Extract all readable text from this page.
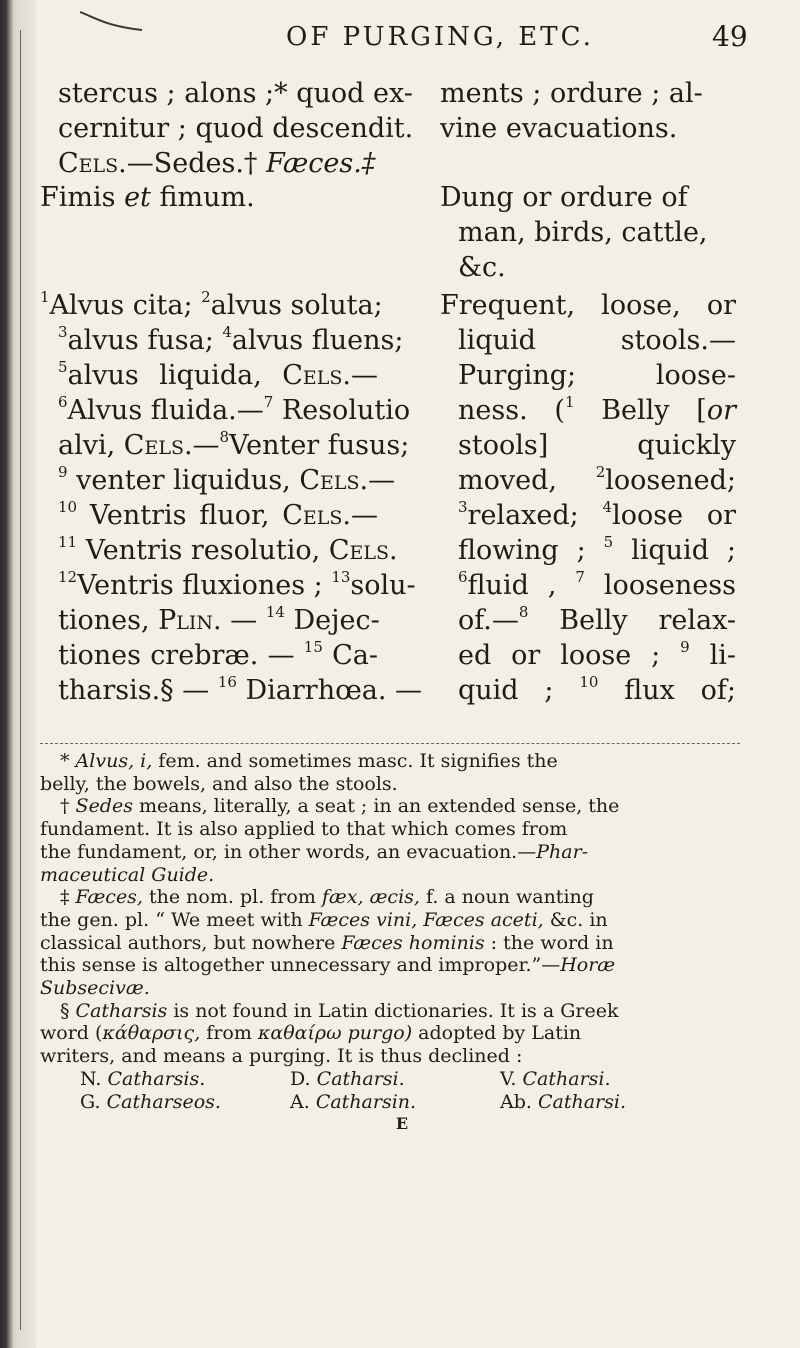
OF PURGING, ETC.	49
stercus ; alons ;* quod ex-
cernitur ; quod descendit.
Cels.—Sedes.† Fæces.‡
ments ; ordure ; al-
vine evacuations.
Fimis et fimum.	Dung or ordure of
man, birds, cattle,
&c.
$^1$Alvus cita; $^2$alvus soluta;
$^3$alvus fusa; $^4$alvus fluens;
$^5$alvus liquida, Cels.—
$^6$Alvus fluida.—$^7$ Resolutio
alvi, Cels.—$^8$Venter fusus;
$^9$ venter liquidus, Cels.—
$^{10}$ Ventris fluor, Cels.—
$^{11}$ Ventris resolutio, Cels.
$^{12}$Ventris fluxiones ; $^{13}$solu-
tiones, Plin. — $^{14}$ Dejec-
tiones crebræ. — $^{15}$ Ca-
tharsis.§ — $^{16}$ Diarrhœa. —
Frequent, loose, or
liquid stools.—
Purging; loose-
ness. ($^1$ Belly [or
stools] quickly
moved, $^2$loosened;
$^3$relaxed; $^4$loose or
flowing ; $^5$ liquid ;
$^6$fluid , $^7$ looseness
of.—$^8$ Belly relax-
ed or loose ; $^9$ li-
quid ; $^{10}$ flux of;
* Alvus, i, fem. and sometimes masc. It signifies the
belly, the bowels, and also the stools.
† Sedes means, literally, a seat ; in an extended sense, the
fundament. It is also applied to that which comes from
the fundament, or, in other words, an evacuation.—Phar-
maceutical Guide.
‡ Fæces, the nom. pl. from fæx, æcis, f. a noun wanting
the gen. pl. “ We meet with Fæces vini, Fæces aceti, &c. in
classical authors, but nowhere Fæces hominis : the word in
this sense is altogether unnecessary and improper.”—Horæ
Subsecivæ.
§ Catharsis is not found in Latin dictionaries. It is a Greek
word (κάθαρσις, from καθαίρω purgo) adopted by Latin
writers, and means a purging. It is thus declined :
N. Catharsis.	D. Catharsi.	V. Catharsi.
G. Catharseos.	A. Catharsin.	Ab. Catharsi.
E
